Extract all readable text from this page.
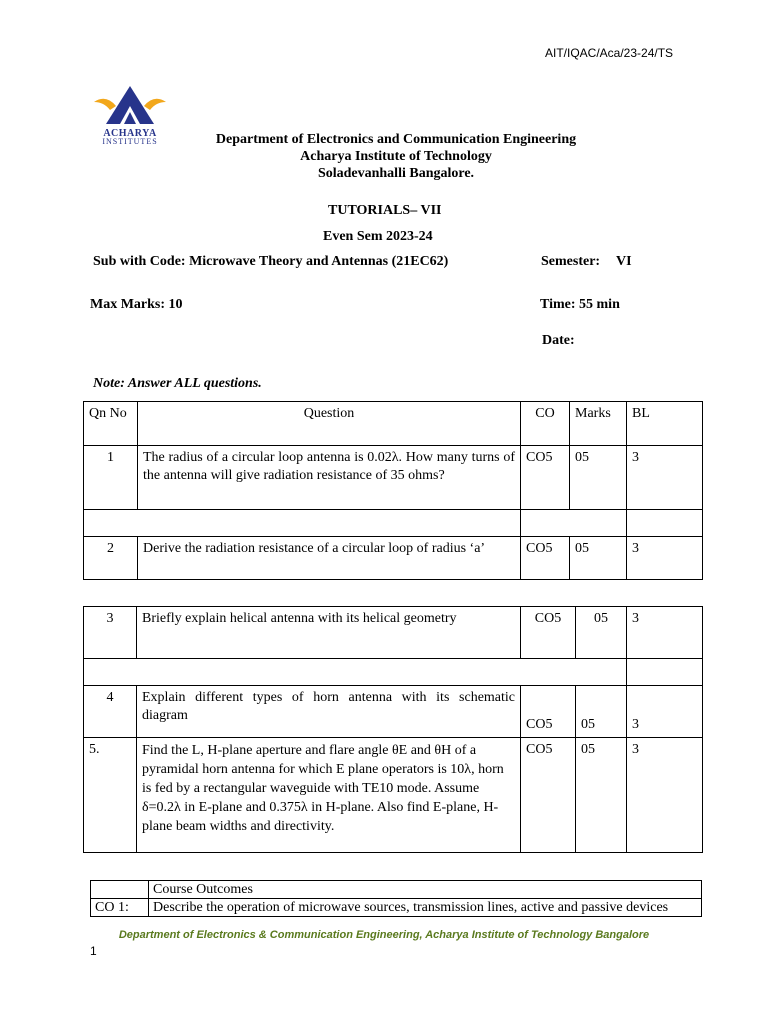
AIT/IQAC/Aca/23-24/TS
ACHARYA
INSTITUTES	Department of Electronics and Communication Engineering
Acharya Institute of Technology
Soladevanhalli Bangalore.
TUTORIALS– VII
Even Sem 2023-24
Sub with Code: Microwave Theory and Antennas (21EC62)	Semester: VI
Max Marks: 10	Time: 55 min
Date:
Note: Answer ALL questions.
Qn No	Question	CO	Marks	BL
1	The radius of a circular loop antenna is 0.02λ. How many turns of the antenna will give radiation resistance of 35 ohms?	CO5	05	3

2	Derive the radiation resistance of a circular loop of radius ‘a’	CO5	05	3
3	Briefly explain helical antenna with its helical geometry	CO5	05	3

4	Explain different types of horn antenna with its schematic diagram	CO5	05	3
5.	Find the L, H-plane aperture and flare angle θE and θH of a pyramidal horn antenna for which E plane operators is 10λ, horn is fed by a rectangular waveguide with TE10 mode. Assume δ=0.2λ in E-plane and 0.375λ in H-plane. Also find E-plane, H-plane beam widths and directivity.	CO5	05	3
	Course Outcomes
CO 1:	Describe the operation of microwave sources, transmission lines, active and passive devices
Department of Electronics & Communication Engineering, Acharya Institute of Technology Bangalore
1
